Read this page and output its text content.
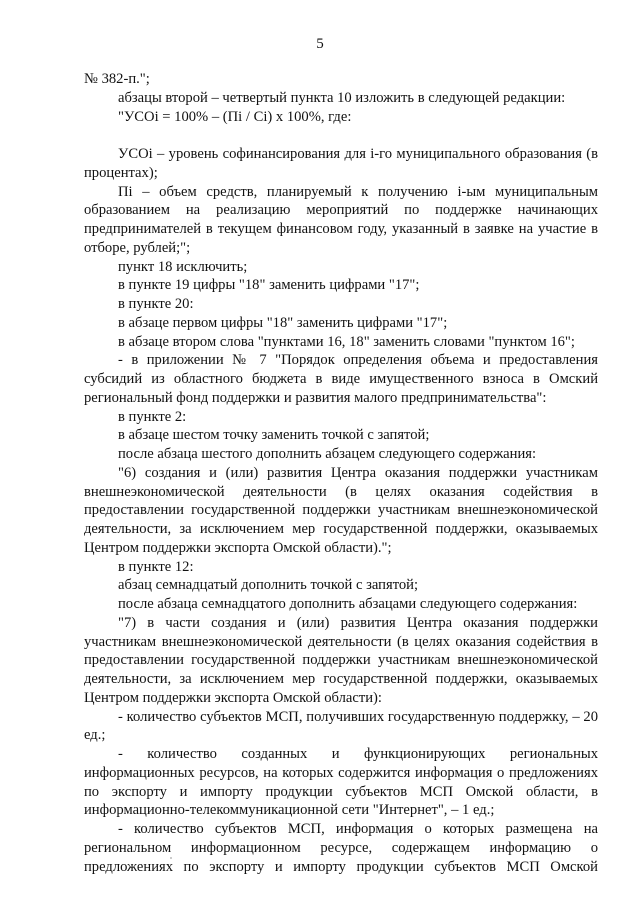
5

№ 382-п.";

абзацы второй – четвертый пункта 10 изложить в следующей редакции:

"УСОi = 100% – (Пi / Сi) x 100%, где:

УСОi – уровень софинансирования для i-го муниципального образования (в процентах);

Пi – объем средств, планируемый к получению i-ым муниципальным образованием на реализацию мероприятий по поддержке начинающих предпринимателей в текущем финансовом году, указанный в заявке на участие в отборе, рублей;";

пункт 18 исключить;

в пункте 19 цифры "18" заменить цифрами "17";

в пункте 20:

в абзаце первом цифры "18" заменить цифрами "17";

в абзаце втором слова "пунктами 16, 18" заменить словами "пунктом 16";

- в приложении № 7 "Порядок определения объема и предоставления субсидий из областного бюджета в виде имущественного взноса в Омский региональный фонд поддержки и развития малого предпринимательства":

в пункте 2:

в абзаце шестом точку заменить точкой с запятой;

после абзаца шестого дополнить абзацем следующего содержания:

"6) создания и (или) развития Центра оказания поддержки участникам внешнеэкономической деятельности (в целях оказания содействия в предоставлении государственной поддержки участникам внешнеэкономической деятельности, за исключением мер государственной поддержки, оказываемых Центром поддержки экспорта Омской области).";

в пункте 12:

абзац семнадцатый дополнить точкой с запятой;

после абзаца семнадцатого дополнить абзацами следующего содержания:

"7) в части создания и (или) развития Центра оказания поддержки участникам внешнеэкономической деятельности (в целях оказания содействия в предоставлении государственной поддержки участникам внешнеэкономической деятельности, за исключением мер государственной поддержки, оказываемых Центром поддержки экспорта Омской области):

- количество субъектов МСП, получивших государственную поддержку, – 20 ед.;

- количество созданных и функционирующих региональных информационных ресурсов, на которых содержится информация о предложениях по экспорту и импорту продукции субъектов МСП Омской области, в информационно-телекоммуникационной сети "Интернет", – 1 ед.;

- количество субъектов МСП, информация о которых размещена на региональном информационном ресурсе, содержащем информацию о предложениях по экспорту и импорту продукции субъектов МСП Омской
